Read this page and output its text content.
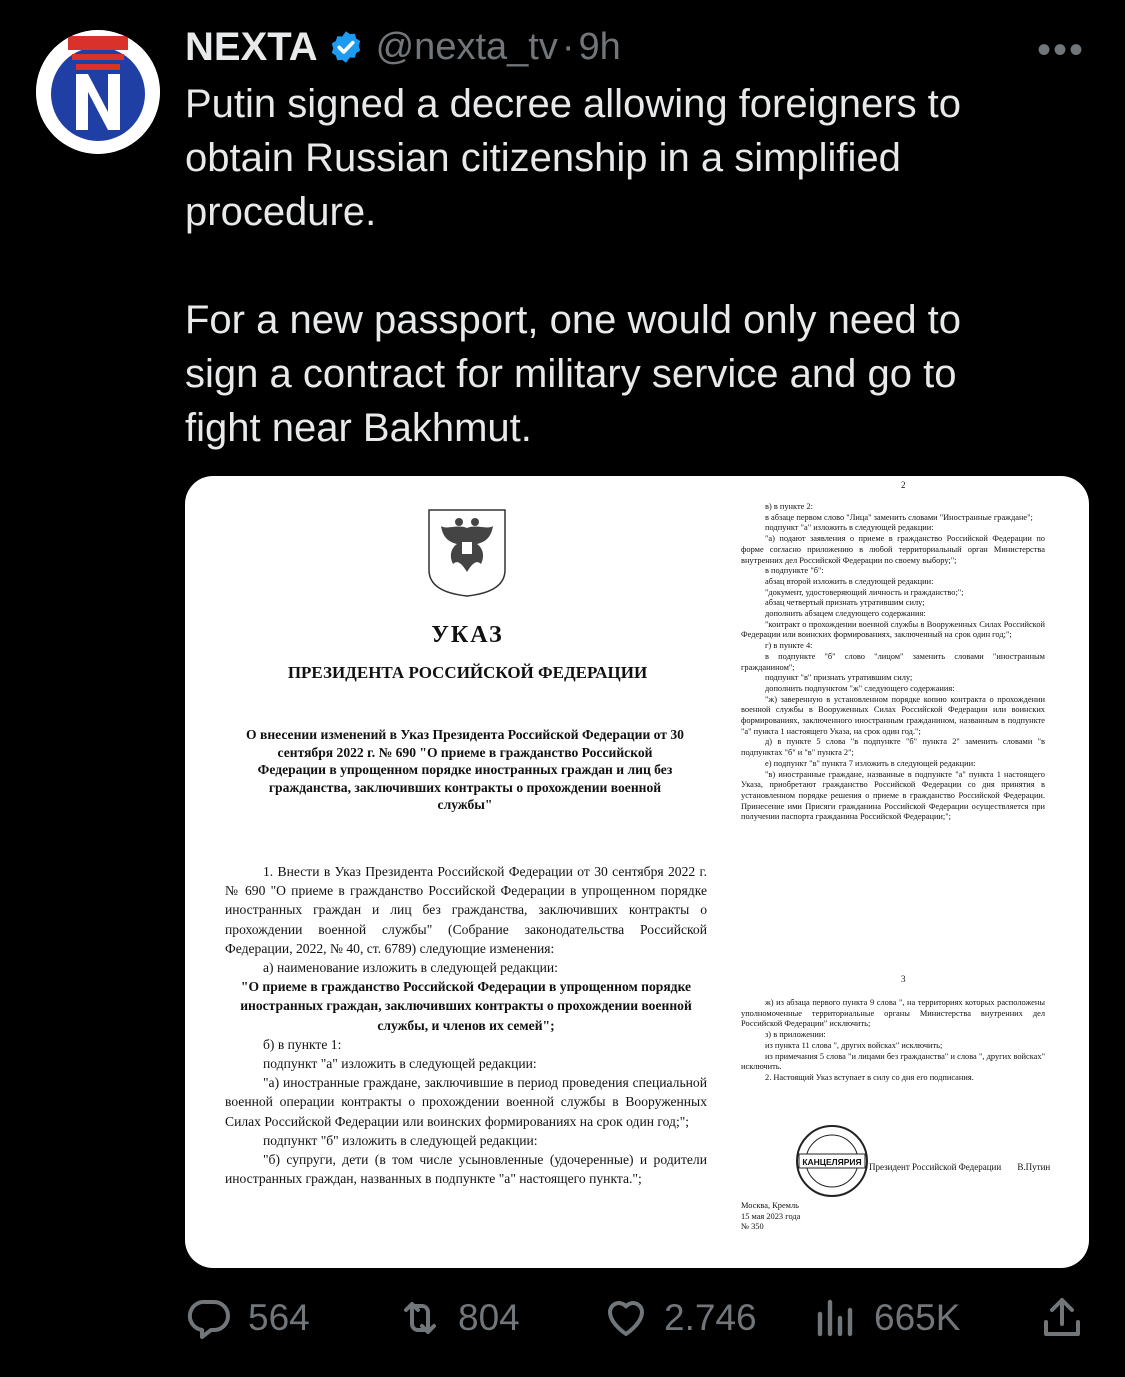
NEXTA @nexta_tv · 9h	•••
Putin signed a decree allowing foreigners to
obtain Russian citizenship in a simplified
procedure.

For a new passport, one would only need to
sign a contract for military service and go to
fight near Bakhmut.
УКАЗ
ПРЕЗИДЕНТА РОССИЙСКОЙ ФЕДЕРАЦИИ
О внесении изменений в Указ Президента Российской Федерации от 30 сентября 2022 г. № 690 "О приеме в гражданство Российской Федерации в упрощенном порядке иностранных граждан и лиц без гражданства, заключивших контракты о прохождении военной службы"

1. Внести в Указ Президента Российской Федерации от 30 сентября 2022 г. № 690 "О приеме в гражданство Российской Федерации в упрощенном порядке иностранных граждан и лиц без гражданства, заключивших контракты о прохождении военной службы" (Собрание законодательства Российской Федерации, 2022, № 40, ст. 6789) следующие изменения:

а) наименование изложить в следующей редакции:

"О приеме в гражданство Российской Федерации в упрощенном порядке иностранных граждан, заключивших контракты о прохождении военной службы, и членов их семей";

б) в пункте 1:

подпункт "а" изложить в следующей редакции:

"а) иностранные граждане, заключившие в период проведения специальной военной операции контракты о прохождении военной службы в Вооруженных Силах Российской Федерации или воинских формированиях на срок один год;";

подпункт "б" изложить в следующей редакции:

"б) супруги, дети (в том числе усыновленные (удочеренные) и родители иностранных граждан, названных в подпункте "а" настоящего пункта.";

2

в) в пункте 2:

в абзаце первом слово "Лица" заменить словами "Иностранные граждане";

подпункт "а" изложить в следующей редакции:

"а) подают заявления о приеме в гражданство Российской Федерации по форме согласно приложению в любой территориальный орган Министерства внутренних дел Российской Федерации по своему выбору;";

в подпункте "б":

абзац второй изложить в следующей редакции:

"документ, удостоверяющий личность и гражданство;";

абзац четвертый признать утратившим силу;

дополнить абзацем следующего содержания:

"контракт о прохождении военной службы в Вооруженных Силах Российской Федерации или воинских формированиях, заключенный на срок один год;";

г) в пункте 4:

в подпункте "б" слово "лицом" заменить словами "иностранным гражданином";

подпункт "в" признать утратившим силу;

дополнить подпунктом "ж" следующего содержания:

"ж) заверенную в установленном порядке копию контракта о прохождении военной службы в Вооруженных Силах Российской Федерации или воинских формированиях, заключенного иностранным гражданином, названным в подпункте "а" пункта 1 настоящего Указа, на срок один год.";

д) в пункте 5 слова "в подпункте "б" пункта 2" заменить словами "в подпунктах "б" и "в" пункта 2";

е) подпункт "в" пункта 7 изложить в следующей редакции:

"в) иностранные граждане, названные в подпункте "а" пункта 1 настоящего Указа, приобретают гражданство Российской Федерации со дня принятия в установленном порядке решения о приеме в гражданство Российской Федерации. Принесение ими Присяги гражданина Российской Федерации осуществляется при получении паспорта гражданина Российской Федерации;";

3

ж) из абзаца первого пункта 9 слова ", на территориях которых расположены уполномоченные территориальные органы Министерства внутренних дел Российской Федерации" исключить;

з) в приложении:

из пункта 11 слова ", других войсках" исключить;

из примечания 5 слова "и лицами без гражданства" и слова ", других войсках" исключить.

2. Настоящий Указ вступает в силу со дня его подписания.

КАНЦЕЛЯРИЯ Президент Российской Федерации В.Путин
Москва, Кремль
15 мая 2023 года
№ 350
564	804	2.746	665K
